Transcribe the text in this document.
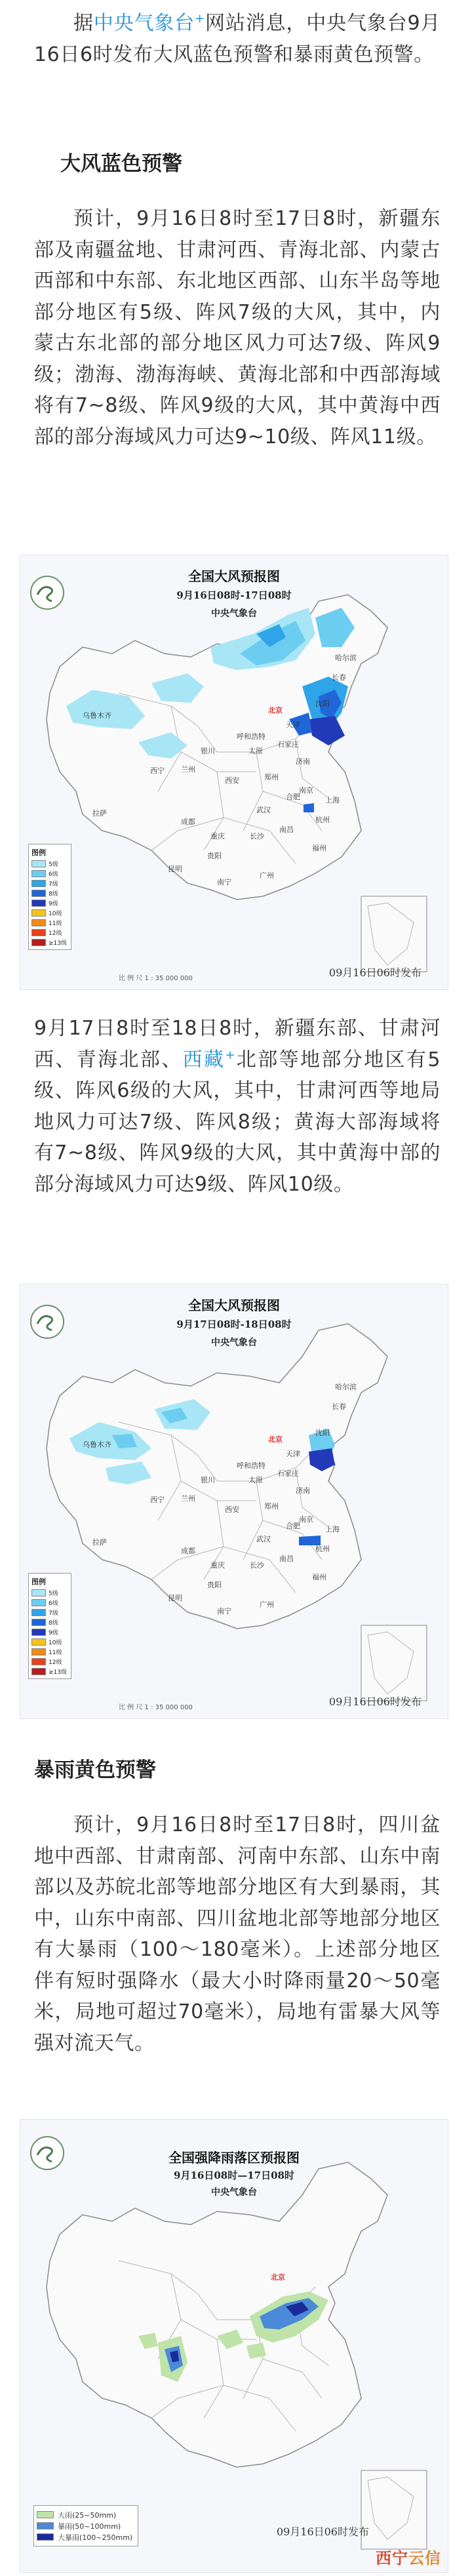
据中央气象台+网站消息，中央气象台9月16日6时发布大风蓝色预警和暴雨黄色预警。
大风蓝色预警
预计，9月16日8时至17日8时，新疆东部及南疆盆地、甘肃河西、青海北部、内蒙古西部和中东部、东北地区西部、山东半岛等地部分地区有5级、阵风7级的大风，其中，内蒙古东北部的部分地区风力可达7级、阵风9级；渤海、渤海海峡、黄海北部和中西部海域将有7~8级、阵风9级的大风，其中黄海中西部的部分海域风力可达9~10级、阵风11级。
全国大风预报图
9月16日08时-17日08时
中央气象台
北京
乌鲁木齐
呼和浩特
银川
兰州
西宁
拉萨
成都
重庆
西安
太原
石家庄
济南
郑州
武汉
长沙
南京
上海
杭州
合肥
南昌
福州
广州
南宁
贵阳
昆明
哈尔滨
长春
沈阳
天津
图例
5级
6级
7级
8级
9级
10级
11级
12级
≥13级
比 例 尺 1 : 35 000 000	09月16日06时发布
9月17日8时至18日8时，新疆东部、甘肃河西、青海北部、西藏+北部等地部分地区有5级、阵风6级的大风，其中，甘肃河西等地局地风力可达7级、阵风8级；黄海大部海域将有7~8级、阵风9级的大风，其中黄海中部的部分海域风力可达9级、阵风10级。
全国大风预报图
9月17日08时-18日08时
中央气象台
北京
乌鲁木齐
呼和浩特
银川
兰州
西宁
拉萨
成都
重庆
西安
太原
石家庄
济南
郑州
武汉
长沙
南京
上海
杭州
合肥
南昌
福州
广州
南宁
贵阳
昆明
哈尔滨
长春
沈阳
天津
图例
5级
6级
7级
8级
9级
10级
11级
12级
≥13级
比 例 尺 1 : 35 000 000	09月16日06时发布
暴雨黄色预警
预计，9月16日8时至17日8时，四川盆地中西部、甘肃南部、河南中东部、山东中南部以及苏皖北部等地部分地区有大到暴雨，其中，山东中南部、四川盆地北部等地部分地区有大暴雨（100～180毫米）。上述部分地区伴有短时强降水（最大小时降雨量20～50毫米，局地可超过70毫米），局地有雷暴大风等强对流天气。
全国强降雨落区预报图
9月16日08时—17日08时
中央气象台
北京
大雨(25~50mm)
暴雨(50~100mm)
大暴雨(100~250mm)	09月16日06时发布
西宁云信
